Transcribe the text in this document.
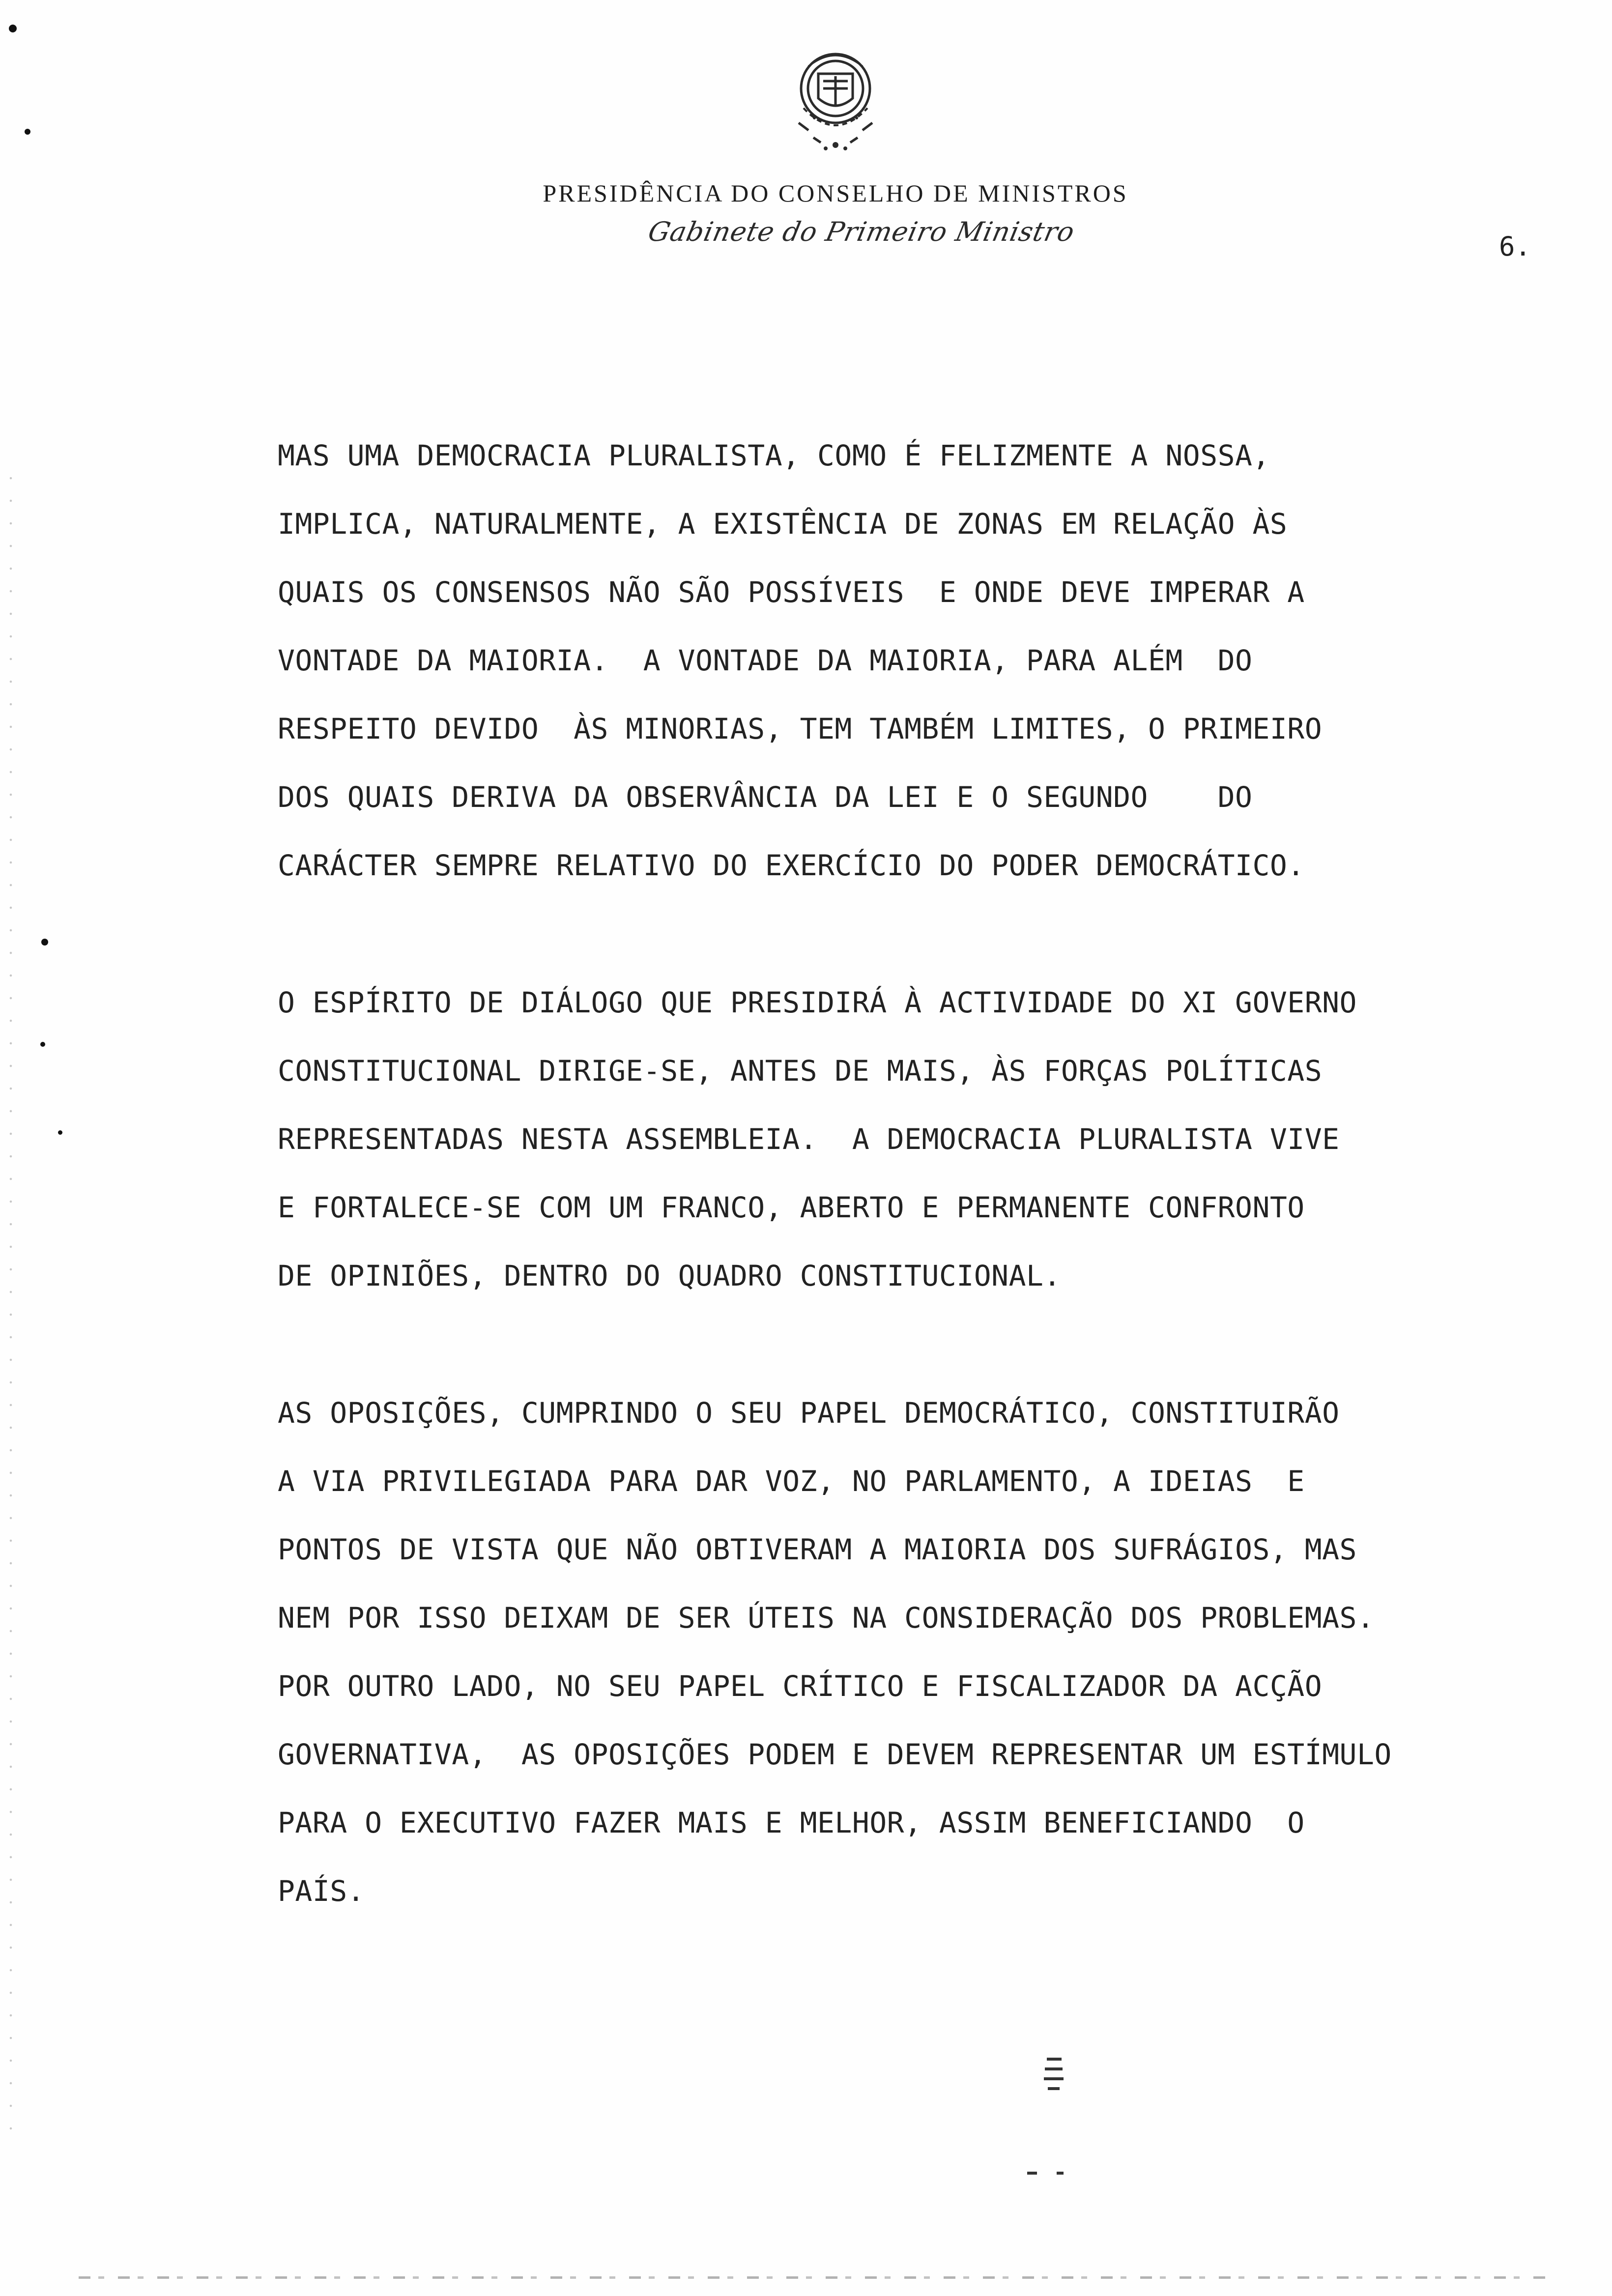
PRESIDÊNCIA DO CONSELHO DE MINISTROS
Gabinete do Primeiro Ministro	6.
MAS UMA DEMOCRACIA PLURALISTA, COMO É FELIZMENTE A NOSSA,
IMPLICA, NATURALMENTE, A EXISTÊNCIA DE ZONAS EM RELAÇÃO ÀS
QUAIS OS CONSENSOS NÃO SÃO POSSÍVEIS  E ONDE DEVE IMPERAR A
VONTADE DA MAIORIA.  A VONTADE DA MAIORIA, PARA ALÉM  DO
RESPEITO DEVIDO  ÀS MINORIAS, TEM TAMBÉM LIMITES, O PRIMEIRO
DOS QUAIS DERIVA DA OBSERVÂNCIA DA LEI E O SEGUNDO    DO
CARÁCTER SEMPRE RELATIVO DO EXERCÍCIO DO PODER DEMOCRÁTICO.
O ESPÍRITO DE DIÁLOGO QUE PRESIDIRÁ À ACTIVIDADE DO XI GOVERNO
CONSTITUCIONAL DIRIGE-SE, ANTES DE MAIS, ÀS FORÇAS POLÍTICAS
REPRESENTADAS NESTA ASSEMBLEIA.  A DEMOCRACIA PLURALISTA VIVE
E FORTALECE-SE COM UM FRANCO, ABERTO E PERMANENTE CONFRONTO
DE OPINIÕES, DENTRO DO QUADRO CONSTITUCIONAL.
AS OPOSIÇÕES, CUMPRINDO O SEU PAPEL DEMOCRÁTICO, CONSTITUIRÃO
A VIA PRIVILEGIADA PARA DAR VOZ, NO PARLAMENTO, A IDEIAS  E
PONTOS DE VISTA QUE NÃO OBTIVERAM A MAIORIA DOS SUFRÁGIOS, MAS
NEM POR ISSO DEIXAM DE SER ÚTEIS NA CONSIDERAÇÃO DOS PROBLEMAS.
POR OUTRO LADO, NO SEU PAPEL CRÍTICO E FISCALIZADOR DA ACÇÃO
GOVERNATIVA,  AS OPOSIÇÕES PODEM E DEVEM REPRESENTAR UM ESTÍMULO
PARA O EXECUTIVO FAZER MAIS E MELHOR, ASSIM BENEFICIANDO  O
PAÍS.
